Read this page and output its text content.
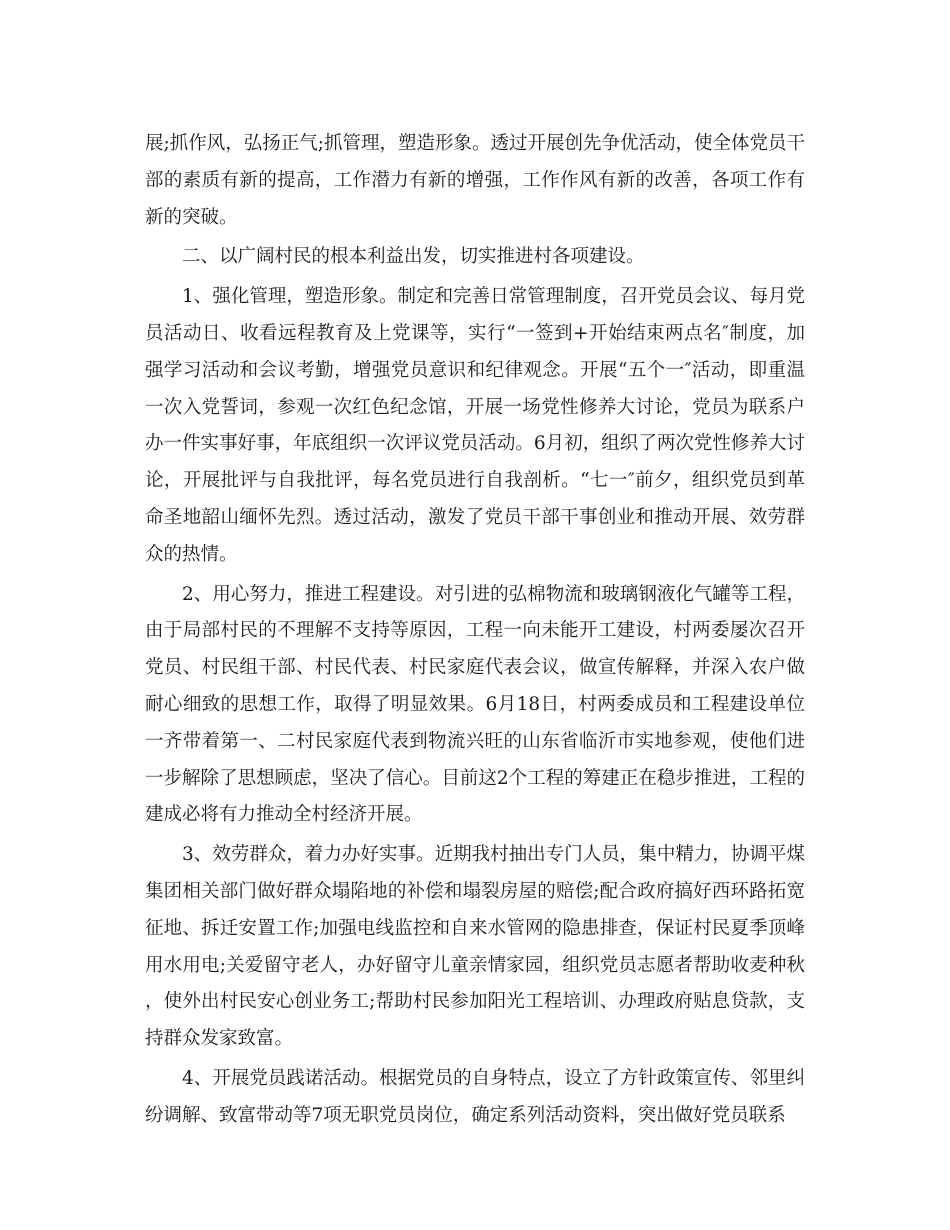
展;抓作风，弘扬正气;抓管理，塑造形象。透过开展创先争优活动，使全体党员干部的素质有新的提高，工作潜力有新的增强，工作作风有新的改善，各项工作有新的突破。

二、以广阔村民的根本利益出发，切实推进村各项建设。

1、强化管理，塑造形象。制定和完善日常管理制度，召开党员会议、每月党员活动日、收看远程教育及上党课等，实行“一签到+开始结束两点名″制度，加强学习活动和会议考勤，增强党员意识和纪律观念。开展“五个一″活动，即重温一次入党誓词，参观一次红色纪念馆，开展一场党性修养大讨论，党员为联系户办一件实事好事，年底组织一次评议党员活动。6月初，组织了两次党性修养大讨论，开展批评与自我批评，每名党员进行自我剖析。“七一″前夕，组织党员到革命圣地韶山缅怀先烈。透过活动，激发了党员干部干事创业和推动开展、效劳群众的热情。

2、用心努力，推进工程建设。对引进的弘棉物流和玻璃钢液化气罐等工程，由于局部村民的不理解不支持等原因，工程一向未能开工建设，村两委屡次召开党员、村民组干部、村民代表、村民家庭代表会议，做宣传解释，并深入农户做耐心细致的思想工作，取得了明显效果。6月18日，村两委成员和工程建设单位一齐带着第一、二村民家庭代表到物流兴旺的山东省临沂市实地参观，使他们进一步解除了思想顾虑，坚决了信心。目前这2个工程的筹建正在稳步推进，工程的建成必将有力推动全村经济开展。

3、效劳群众，着力办好实事。近期我村抽出专门人员，集中精力，协调平煤集团相关部门做好群众塌陷地的补偿和塌裂房屋的赔偿;配合政府搞好西环路拓宽征地、拆迁安置工作;加强电线监控和自来水管网的隐患排查，保证村民夏季顶峰用水用电;关爱留守老人，办好留守儿童亲情家园，组织党员志愿者帮助收麦种秋，使外出村民安心创业务工;帮助村民参加阳光工程培训、办理政府贴息贷款，支持群众发家致富。

4、开展党员践诺活动。根据党员的自身特点，设立了方针政策宣传、邻里纠纷调解、致富带动等7项无职党员岗位，确定系列活动资料，突出做好党员联系
